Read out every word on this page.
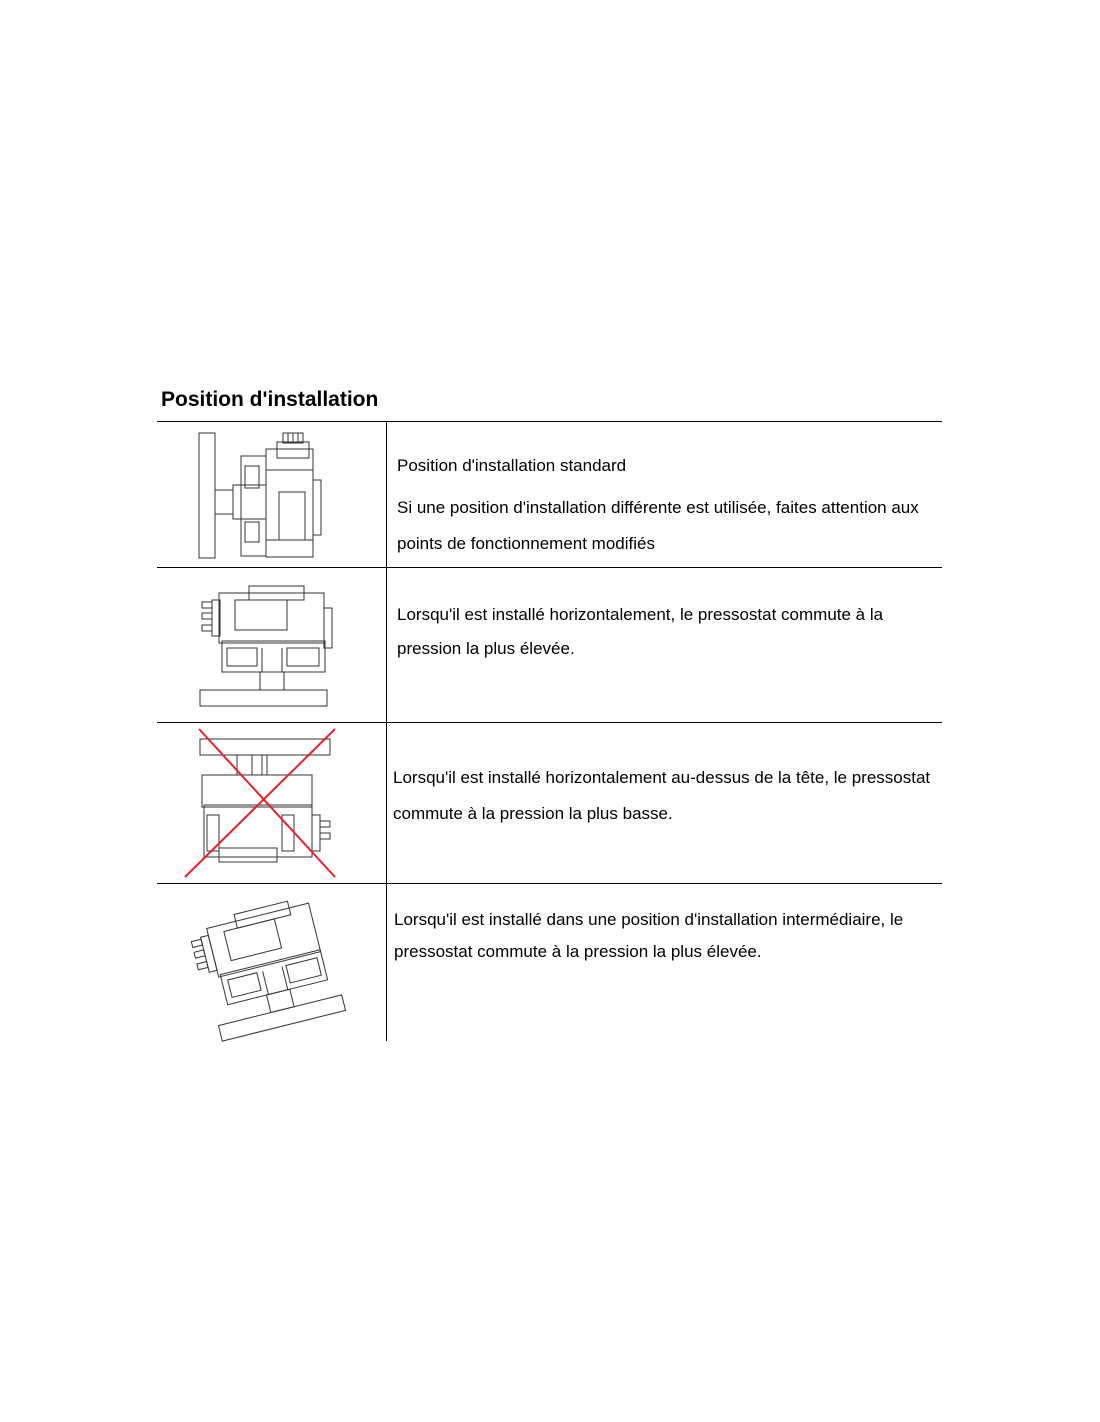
Position d'installation

Position d'installation standard

Si une position d'installation différente est utilisée, faites attention aux points de fonctionnement modifiés

Lorsqu'il est installé horizontalement, le pressostat commute à la pression la plus élevée.

Lorsqu'il est installé horizontalement au-dessus de la tête, le pressostat commute à la pression la plus basse.

Lorsqu'il est installé dans une position d'installation intermédiaire, le pressostat commute à la pression la plus élevée.
